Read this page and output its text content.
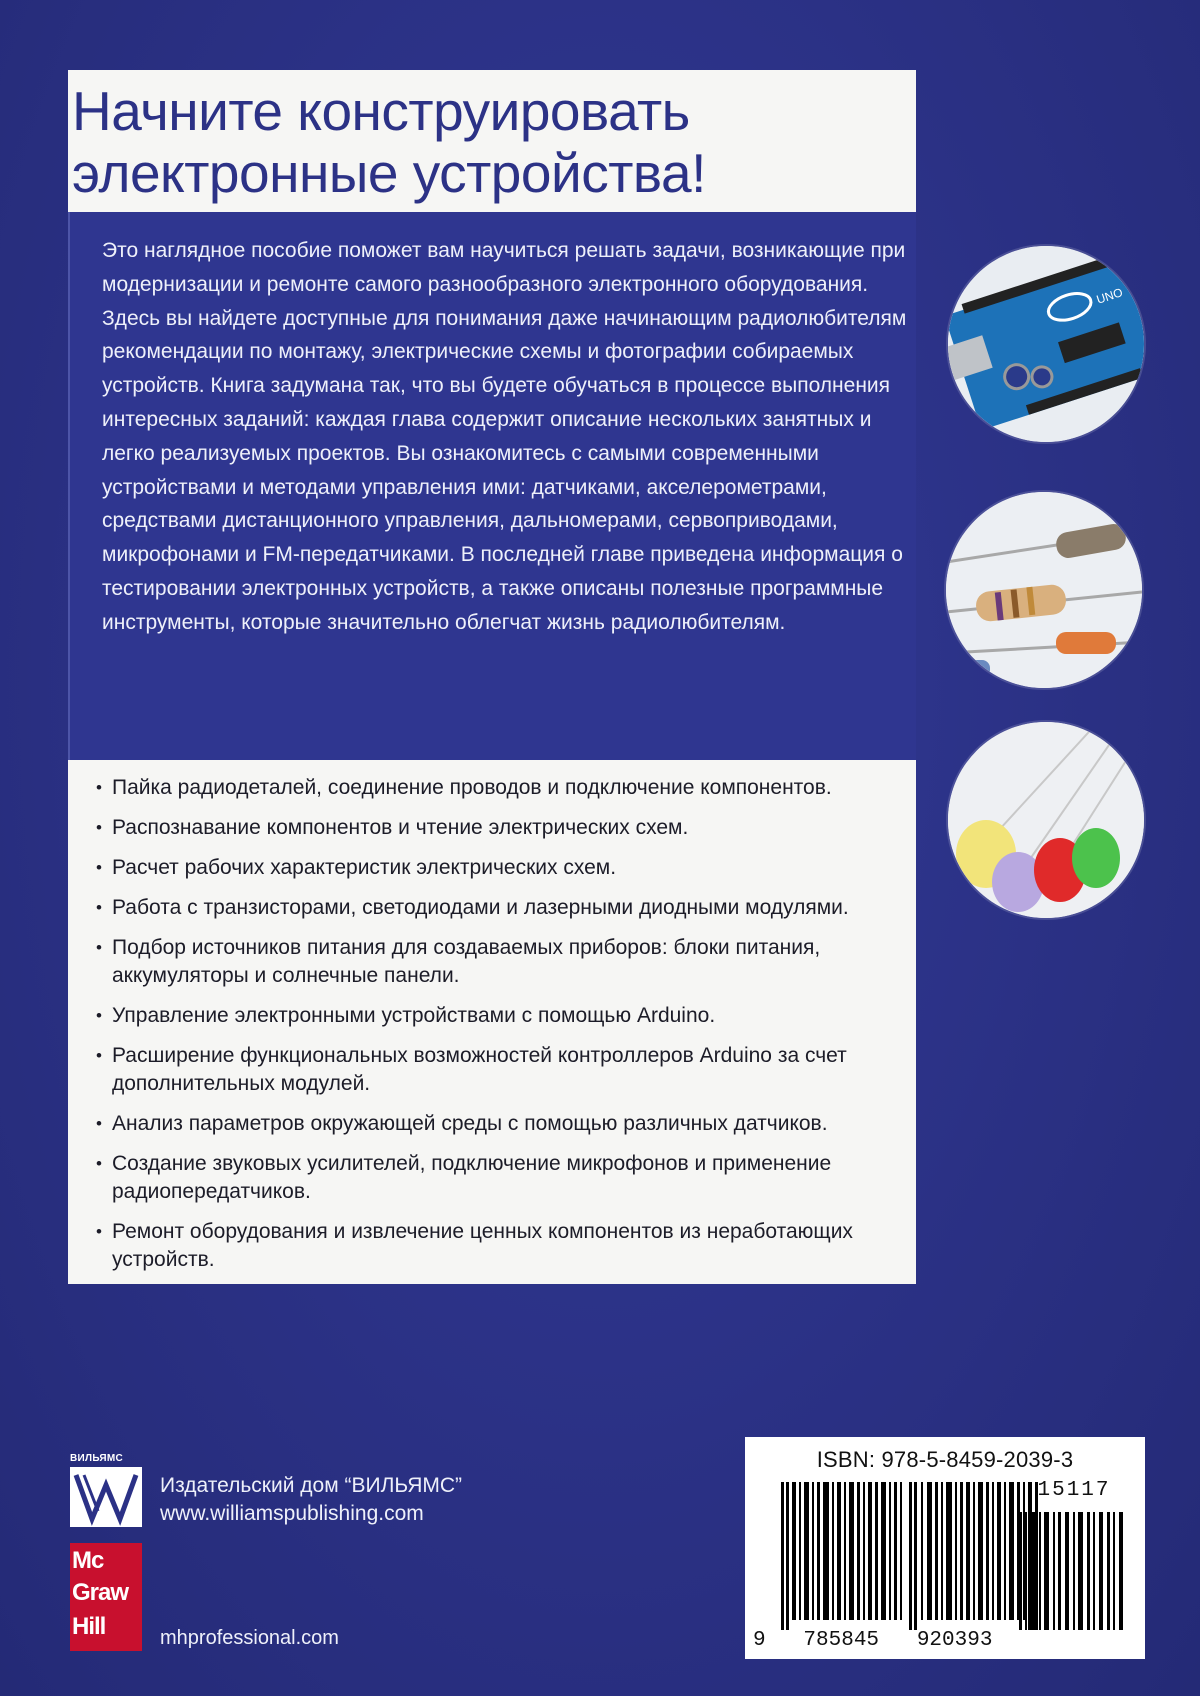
Начните конструировать
электронные устройства!
Это наглядное пособие поможет вам научиться решать задачи, возникающие при модернизации и ремонте самого разнообразного электронного оборудования. Здесь вы найдете доступные для понимания даже начинающим радиолюбителям рекомендации по монтажу, электрические схемы и фотографии собираемых устройств. Книга задумана так, что вы будете обучаться в процессе выполнения интересных заданий: каждая глава содержит описание нескольких занятных и легко реализуемых проектов. Вы ознакомитесь с самыми современными устройствами и методами управления ими: датчиками, акселерометрами, средствами дистанционного управления, дальномерами, сервоприводами, микрофонами и FM-передатчиками. В последней главе приведена информация о тестировании электронных устройств, а также описаны полезные программные инструменты, которые значительно облегчат жизнь радиолюбителям.
• Пайка радиодеталей, соединение проводов и подключение компонентов.
• Распознавание компонентов и чтение электрических схем.
• Расчет рабочих характеристик электрических схем.
• Работа с транзисторами, светодиодами и лазерными диодными модулями.
• Подбор источников питания для создаваемых приборов: блоки питания, аккумуляторы и солнечные панели.
• Управление электронными устройствами с помощью Arduino.
• Расширение функциональных возможностей контроллеров Arduino за счет дополнительных модулей.
• Анализ параметров окружающей среды с помощью различных датчиков.
• Создание звуковых усилителей, подключение микрофонов и применение радиопередатчиков.
• Ремонт оборудования и извлечение ценных компонентов из неработающих устройств.
UNO
ISBN: 978-5-8459-2039-3
15117
9   785845   920393
ВИЛЬЯМС
Издательский дом “ВИЛЬЯМС”
www.williamspublishing.com
Mc
Graw
Hill	mhprofessional.com
